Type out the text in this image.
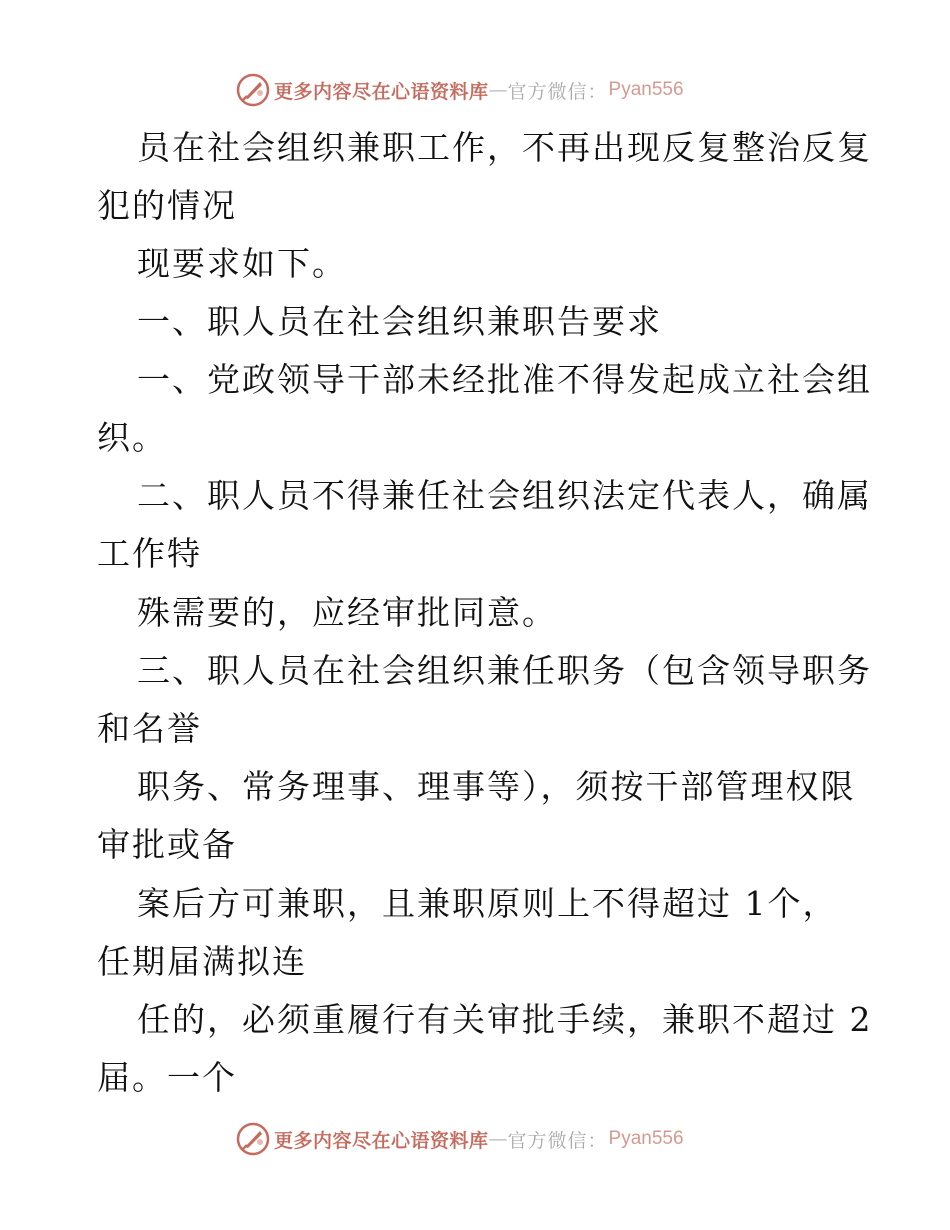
更多内容尽在心语资料库 — 官方微信： Pyan556
员在社会组织兼职工作，不再出现反复整治反复
犯的情况
现要求如下。
一、职人员在社会组织兼职告要求
一、党政领导干部未经批准不得发起成立社会组
织。
二、职人员不得兼任社会组织法定代表人，确属
工作特
殊需要的，应经审批同意。
三、职人员在社会组织兼任职务（包含领导职务
和名誉
职务、常务理事、理事等），须按干部管理权限
审批或备
案后方可兼职，且兼职原则上不得超过 1个，
任期届满拟连
任的，必须重履行有关审批手续，兼职不超过 2
届。一个
更多内容尽在心语资料库 — 官方微信： Pyan556
